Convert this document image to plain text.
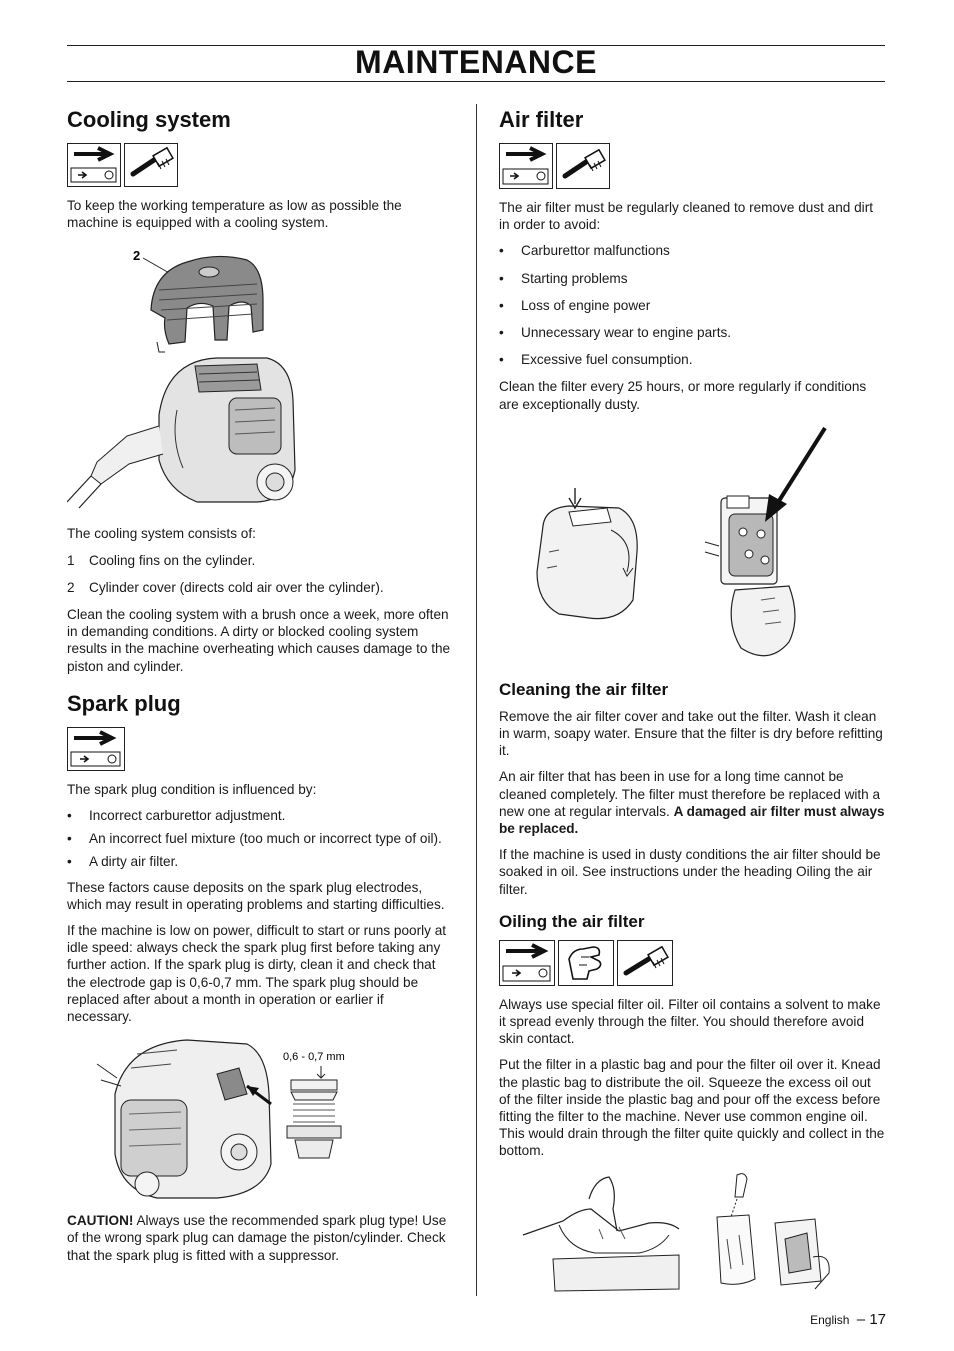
MAINTENANCE
Cooling system

To keep the working temperature as low as possible the machine is equipped with a cooling system.

2

The cooling system consists of:

1 Cooling fins on the cylinder.
2 Cylinder cover (directs cold air over the cylinder).

Clean the cooling system with a brush once a week, more often in demanding conditions. A dirty or blocked cooling system results in the machine overheating which causes damage to the piston and cylinder.

Spark plug

The spark plug condition is influenced by:

• Incorrect carburettor adjustment.
• An incorrect fuel mixture (too much or incorrect type of oil).
• A dirty air filter.

These factors cause deposits on the spark plug electrodes, which may result in operating problems and starting difficulties.

If the machine is low on power, difficult to start or runs poorly at idle speed: always check the spark plug first before taking any further action. If the spark plug is dirty, clean it and check that the electrode gap is 0,6-0,7 mm. The spark plug should be replaced after about a month in operation or earlier if necessary.

0,6 - 0,7 mm

CAUTION! Always use the recommended spark plug type! Use of the wrong spark plug can damage the piston/cylinder. Check that the spark plug is fitted with a suppressor.

Air filter

The air filter must be regularly cleaned to remove dust and dirt in order to avoid:

• Carburettor malfunctions
• Starting problems
• Loss of engine power
• Unnecessary wear to engine parts.
• Excessive fuel consumption.

Clean the filter every 25 hours, or more regularly if conditions are exceptionally dusty.

Cleaning the air filter

Remove the air filter cover and take out the filter. Wash it clean in warm, soapy water. Ensure that the filter is dry before refitting it.

An air filter that has been in use for a long time cannot be cleaned completely. The filter must therefore be replaced with a new one at regular intervals. A damaged air filter must always be replaced.

If the machine is used in dusty conditions the air filter should be soaked in oil. See instructions under the heading Oiling the air filter.

Oiling the air filter

Always use special filter oil. Filter oil contains a solvent to make it spread evenly through the filter. You should therefore avoid skin contact.

Put the filter in a plastic bag and pour the filter oil over it. Knead the plastic bag to distribute the oil. Squeeze the excess oil out of the filter inside the plastic bag and pour off the excess before fitting the filter to the machine. Never use common engine oil. This would drain through the filter quite quickly and collect in the bottom.

English – 17
